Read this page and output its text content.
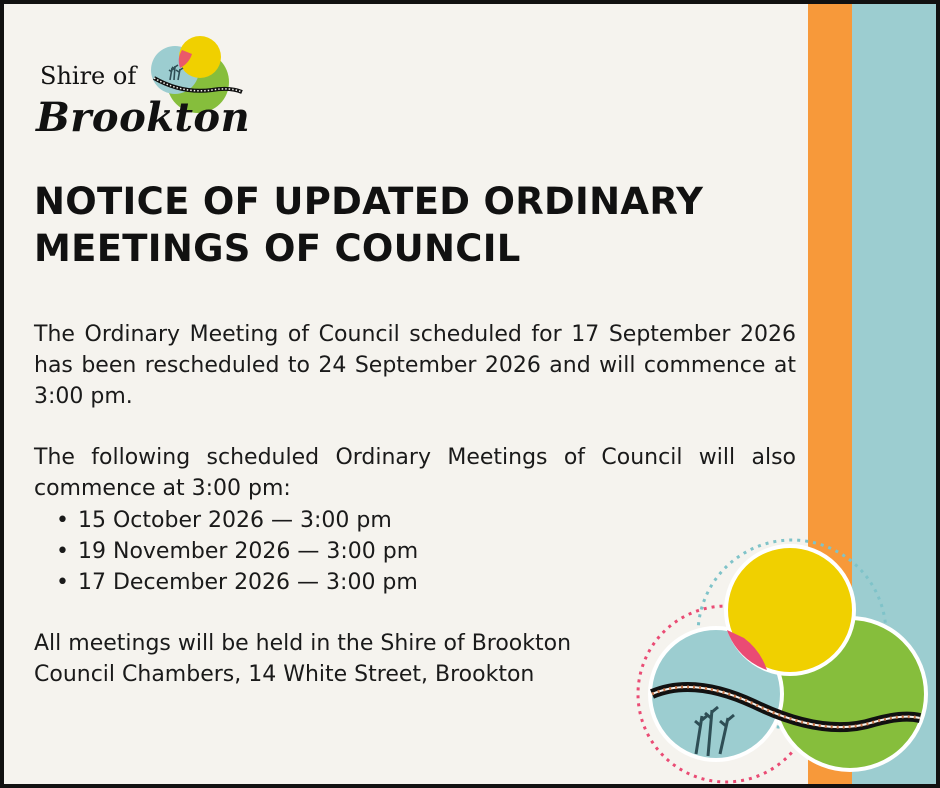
Shire of
Brookton
NOTICE OF UPDATED ORDINARY MEETINGS OF COUNCIL

The Ordinary Meeting of Council scheduled for 17 September 2026 has been rescheduled to 24 September 2026 and will commence at 3:00 pm.

The following scheduled Ordinary Meetings of Council will also commence at 3:00 pm:

• 15 October 2026 — 3:00 pm
• 19 November 2026 — 3:00 pm
• 17 December 2026 — 3:00 pm

All meetings will be held in the Shire of Brookton Council Chambers, 14 White Street, Brookton
